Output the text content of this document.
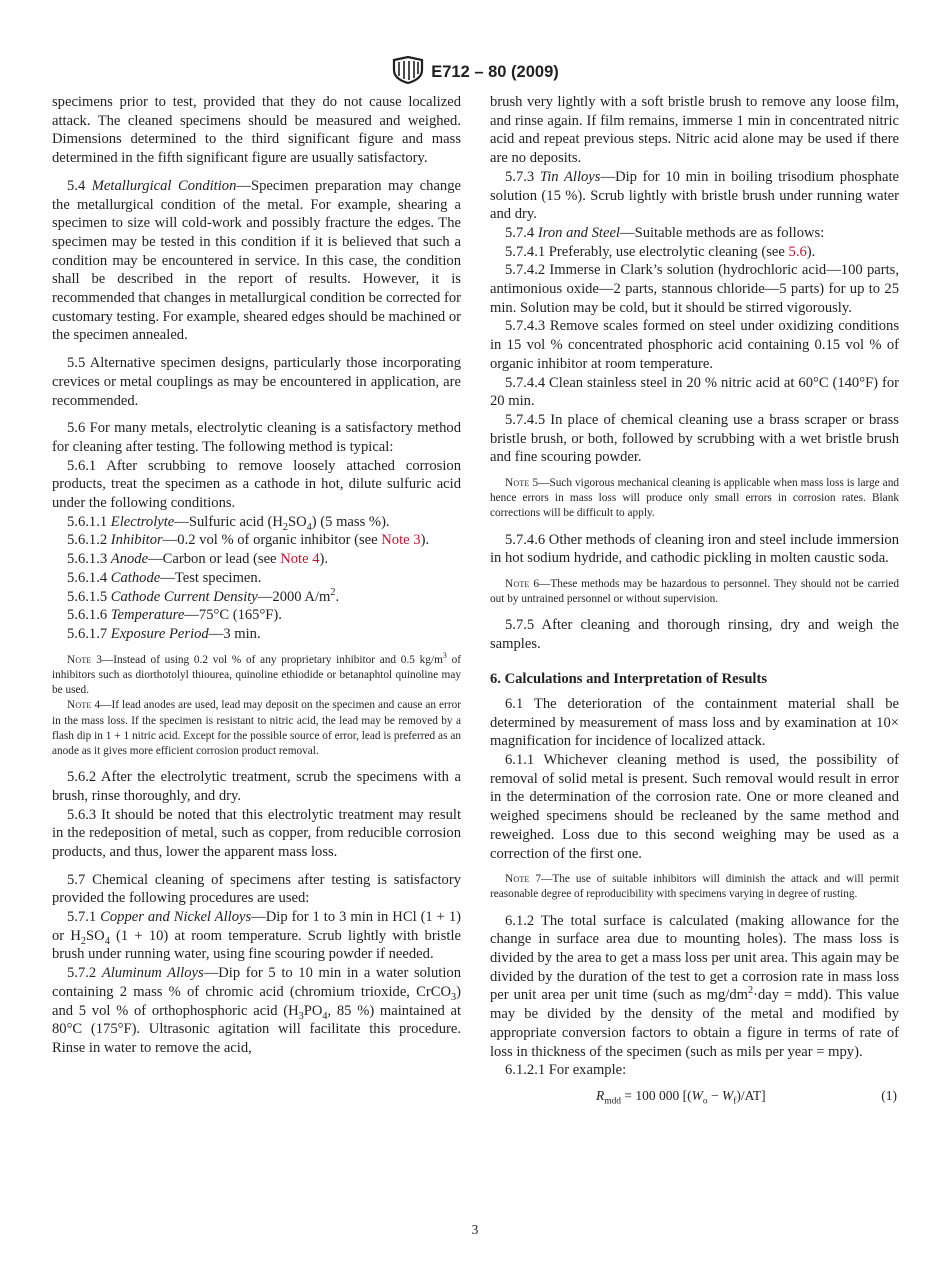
E712 – 80 (2009)

specimens prior to test, provided that they do not cause localized attack. The cleaned specimens should be measured and weighed. Dimensions determined to the third significant figure and mass determined in the fifth significant figure are usually satisfactory.

5.4 Metallurgical Condition—Specimen preparation may change the metallurgical condition of the metal. For example, shearing a specimen to size will cold-work and possibly fracture the edges. The specimen may be tested in this condition if it is believed that such a condition may be encountered in service. In this case, the condition shall be described in the report of results. However, it is recommended that changes in metallurgical condition be corrected for customary testing. For example, sheared edges should be machined or the specimen annealed.

5.5 Alternative specimen designs, particularly those incorporating crevices or metal couplings as may be encountered in application, are recommended.

5.6 For many metals, electrolytic cleaning is a satisfactory method for cleaning after testing. The following method is typical:

5.6.1 After scrubbing to remove loosely attached corrosion products, treat the specimen as a cathode in hot, dilute sulfuric acid under the following conditions.

5.6.1.1 Electrolyte—Sulfuric acid $(H_2SO_4)$ (5 mass %).

5.6.1.2 Inhibitor—0.2 vol % of organic inhibitor (see Note 3).

5.6.1.3 Anode—Carbon or lead (see Note 4).

5.6.1.4 Cathode—Test specimen.

5.6.1.5 Cathode Current Density—2000 $A/m^2$.

5.6.1.6 Temperature—75°C (165°F).

5.6.1.7 Exposure Period—3 min.

Note 3—Instead of using 0.2 vol % of any proprietary inhibitor and 0.5 $kg/m^3$ of inhibitors such as diorthotolyl thiourea, quinoline ethiodide or betanaphtol quinoline may be used.

Note 4—If lead anodes are used, lead may deposit on the specimen and cause an error in the mass loss. If the specimen is resistant to nitric acid, the lead may be removed by a flash dip in 1 + 1 nitric acid. Except for the possible source of error, lead is preferred as an anode as it gives more efficient corrosion product removal.

5.6.2 After the electrolytic treatment, scrub the specimens with a brush, rinse thoroughly, and dry.

5.6.3 It should be noted that this electrolytic treatment may result in the redeposition of metal, such as copper, from reducible corrosion products, and thus, lower the apparent mass loss.

5.7 Chemical cleaning of specimens after testing is satisfactory provided the following procedures are used:

5.7.1 Copper and Nickel Alloys—Dip for 1 to 3 min in HCl (1 + 1) or $H_2SO_4$ (1 + 10) at room temperature. Scrub lightly with bristle brush under running water, using fine scouring powder if needed.

5.7.2 Aluminum Alloys—Dip for 5 to 10 min in a water solution containing 2 mass % of chromic acid (chromium trioxide, CrCO$_3$) and 5 vol % of orthophosphoric acid ($H_3PO_4$, 85 %) maintained at 80°C (175°F). Ultrasonic agitation will facilitate this procedure. Rinse in water to remove the acid,

brush very lightly with a soft bristle brush to remove any loose film, and rinse again. If film remains, immerse 1 min in concentrated nitric acid and repeat previous steps. Nitric acid alone may be used if there are no deposits.

5.7.3 Tin Alloys—Dip for 10 min in boiling trisodium phosphate solution (15 %). Scrub lightly with bristle brush under running water and dry.

5.7.4 Iron and Steel—Suitable methods are as follows:

5.7.4.1 Preferably, use electrolytic cleaning (see 5.6).

5.7.4.2 Immerse in Clark’s solution (hydrochloric acid—100 parts, antimonious oxide—2 parts, stannous chloride—5 parts) for up to 25 min. Solution may be cold, but it should be stirred vigorously.

5.7.4.3 Remove scales formed on steel under oxidizing conditions in 15 vol % concentrated phosphoric acid containing 0.15 vol % of organic inhibitor at room temperature.

5.7.4.4 Clean stainless steel in 20 % nitric acid at 60°C (140°F) for 20 min.

5.7.4.5 In place of chemical cleaning use a brass scraper or brass bristle brush, or both, followed by scrubbing with a wet bristle brush and fine scouring powder.

Note 5—Such vigorous mechanical cleaning is applicable when mass loss is large and hence errors in mass loss will produce only small errors in corrosion rates. Blank corrections will be difficult to apply.

5.7.4.6 Other methods of cleaning iron and steel include immersion in hot sodium hydride, and cathodic pickling in molten caustic soda.

Note 6—These methods may be hazardous to personnel. They should not be carried out by untrained personnel or without supervision.

5.7.5 After cleaning and thorough rinsing, dry and weigh the samples.

6. Calculations and Interpretation of Results

6.1 The deterioration of the containment material shall be determined by measurement of mass loss and by examination at 10× magnification for incidence of localized attack.

6.1.1 Whichever cleaning method is used, the possibility of removal of solid metal is present. Such removal would result in error in the determination of the corrosion rate. One or more cleaned and weighed specimens should be recleaned by the same method and reweighed. Loss due to this second weighing may be used as a correction of the first one.

Note 7—The use of suitable inhibitors will diminish the attack and will permit reasonable degree of reproducibility with specimens varying in degree of rusting.

6.1.2 The total surface is calculated (making allowance for the change in surface area due to mounting holes). The mass loss is divided by the area to get a mass loss per unit area. This again may be divided by the duration of the test to get a corrosion rate in mass loss per unit area per unit time (such as $mg/dm^2\cdot day = mdd$). This value may be divided by the density of the metal and modified by appropriate conversion factors to obtain a figure in terms of rate of loss in thickness of the specimen (such as mils per year = mpy).

6.1.2.1 For example:

$R_{mdd} = 100$ 000 $[(W_o - W_f)/AT]$	(1)
3
